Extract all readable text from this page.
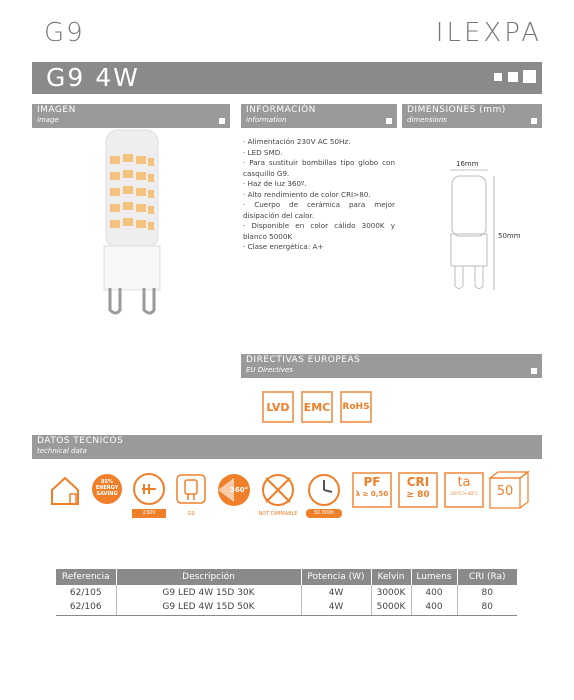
G9	ILEXPA
G9 4W
IMAGEN
image
INFORMACIÓN
information
DIMENSIONES (mm)
dimensions
· Alimentación 230V AC 50Hz.
· LED SMD.
· Para sustituir bombillas tipo globo con casquillo G9.
· Haz de luz 360º.
· Alto rendimiento de color CRI>80.
· Cuerpo de cerámica para mejor disipación del calor.
· Disponible en color cálido 3000K y blanco 5000K
· Clase energética: A+
16mm
50mm
DIRECTIVAS EUROPEAS
EU Directives
LVD	EMC	RoHS
DATOS TECNICOS
technical data
85% ENERGY SAVING
230V	G9
360°
NOT DIMMABLE	30.000h
PF
λ ≥ 0,50
CRI
≥ 80
ta
-20°C/+40°C	50
Referencia	Descripción	Potencia (W)	Kelvin	Lumens	CRI (Ra)
62/105	G9 LED 4W 15D 30K	4W	3000K	400	80
62/106	G9 LED 4W 15D 50K	4W	5000K	400	80
